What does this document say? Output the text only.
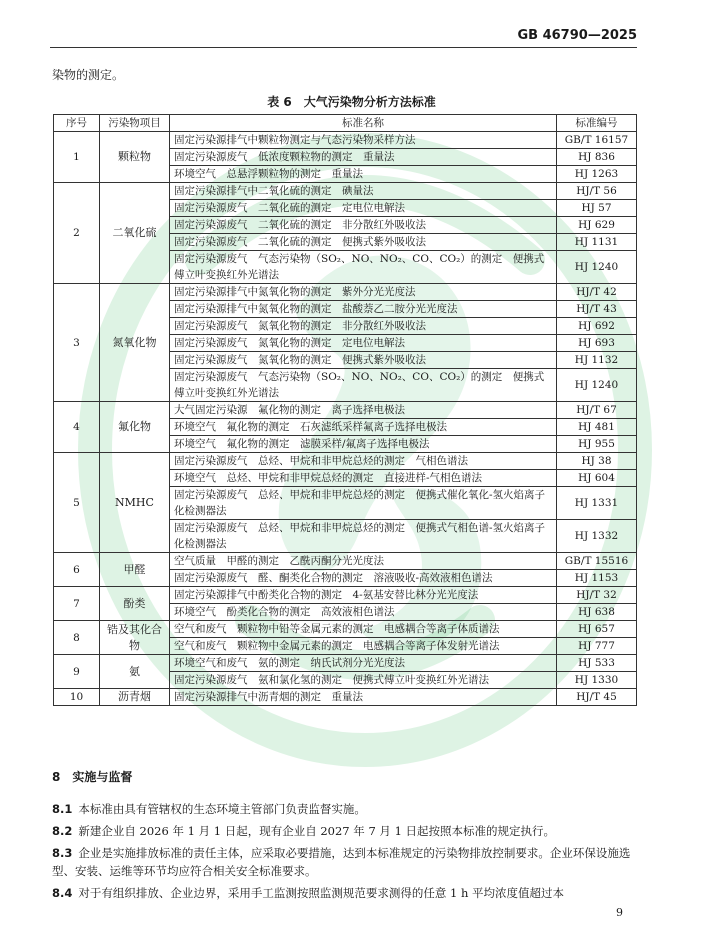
GB 46790—2025
染物的测定。
表 6　大气污染物分析方法标准
序号	污染物项目	标准名称	标准编号
1	颗粒物	固定污染源排气中颗粒物测定与气态污染物采样方法	GB/T 16157
		固定污染源废气　低浓度颗粒物的测定　重量法	HJ 836
		环境空气　总悬浮颗粒物的测定　重量法	HJ 1263
2	二氧化硫	固定污染源排气中二氧化硫的测定　碘量法	HJ/T 56
		固定污染源废气　二氧化硫的测定　定电位电解法	HJ 57
		固定污染源废气　二氧化硫的测定　非分散红外吸收法	HJ 629
		固定污染源废气　二氧化硫的测定　便携式紫外吸收法	HJ 1131
		固定污染源废气　气态污染物（SO₂、NO、NO₂、CO、CO₂）的测定　便携式傅立叶变换红外光谱法	HJ 1240
3	氮氧化物	固定污染源排气中氮氧化物的测定　紫外分光光度法	HJ/T 42
		固定污染源排气中氮氧化物的测定　盐酸萘乙二胺分光光度法	HJ/T 43
		固定污染源废气　氮氧化物的测定　非分散红外吸收法	HJ 692
		固定污染源废气　氮氧化物的测定　定电位电解法	HJ 693
		固定污染源废气　氮氧化物的测定　便携式紫外吸收法	HJ 1132
		固定污染源废气　气态污染物（SO₂、NO、NO₂、CO、CO₂）的测定　便携式傅立叶变换红外光谱法	HJ 1240
4	氟化物	大气固定污染源　氟化物的测定　离子选择电极法	HJ/T 67
		环境空气　氟化物的测定　石灰滤纸采样氟离子选择电极法	HJ 481
		环境空气　氟化物的测定　滤膜采样/氟离子选择电极法	HJ 955
5	NMHC	固定污染源废气　总烃、甲烷和非甲烷总烃的测定　气相色谱法	HJ 38
		环境空气　总烃、甲烷和非甲烷总烃的测定　直接进样-气相色谱法	HJ 604
		固定污染源废气　总烃、甲烷和非甲烷总烃的测定　便携式催化氧化-氢火焰离子化检测器法	HJ 1331
		固定污染源废气　总烃、甲烷和非甲烷总烃的测定　便携式气相色谱-氢火焰离子化检测器法	HJ 1332
6	甲醛	空气质量　甲醛的测定　乙酰丙酮分光光度法	GB/T 15516
		固定污染源废气　醛、酮类化合物的测定　溶液吸收-高效液相色谱法	HJ 1153
7	酚类	固定污染源排气中酚类化合物的测定　4-氨基安替比林分光光度法	HJ/T 32
		环境空气　酚类化合物的测定　高效液相色谱法	HJ 638
8	锆及其化合物	空气和废气　颗粒物中铅等金属元素的测定　电感耦合等离子体质谱法	HJ 657
		空气和废气　颗粒物中金属元素的测定　电感耦合等离子体发射光谱法	HJ 777
9	氨	环境空气和废气　氨的测定　纳氏试剂分光光度法	HJ 533
		固定污染源废气　氨和氯化氢的测定　便携式傅立叶变换红外光谱法	HJ 1330
10	沥青烟	固定污染源排气中沥青烟的测定　重量法	HJ/T 45
8　实施与监督
8.1 本标准由具有管辖权的生态环境主管部门负责监督实施。
8.2 新建企业自 2026 年 1 月 1 日起，现有企业自 2027 年 7 月 1 日起按照本标准的规定执行。
8.3 企业是实施排放标准的责任主体，应采取必要措施，达到本标准规定的污染物排放控制要求。企业环保设施选型、安装、运维等环节均应符合相关安全标准要求。
8.4 对于有组织排放、企业边界，采用手工监测按照监测规范要求测得的任意 1 h 平均浓度值超过本
9
